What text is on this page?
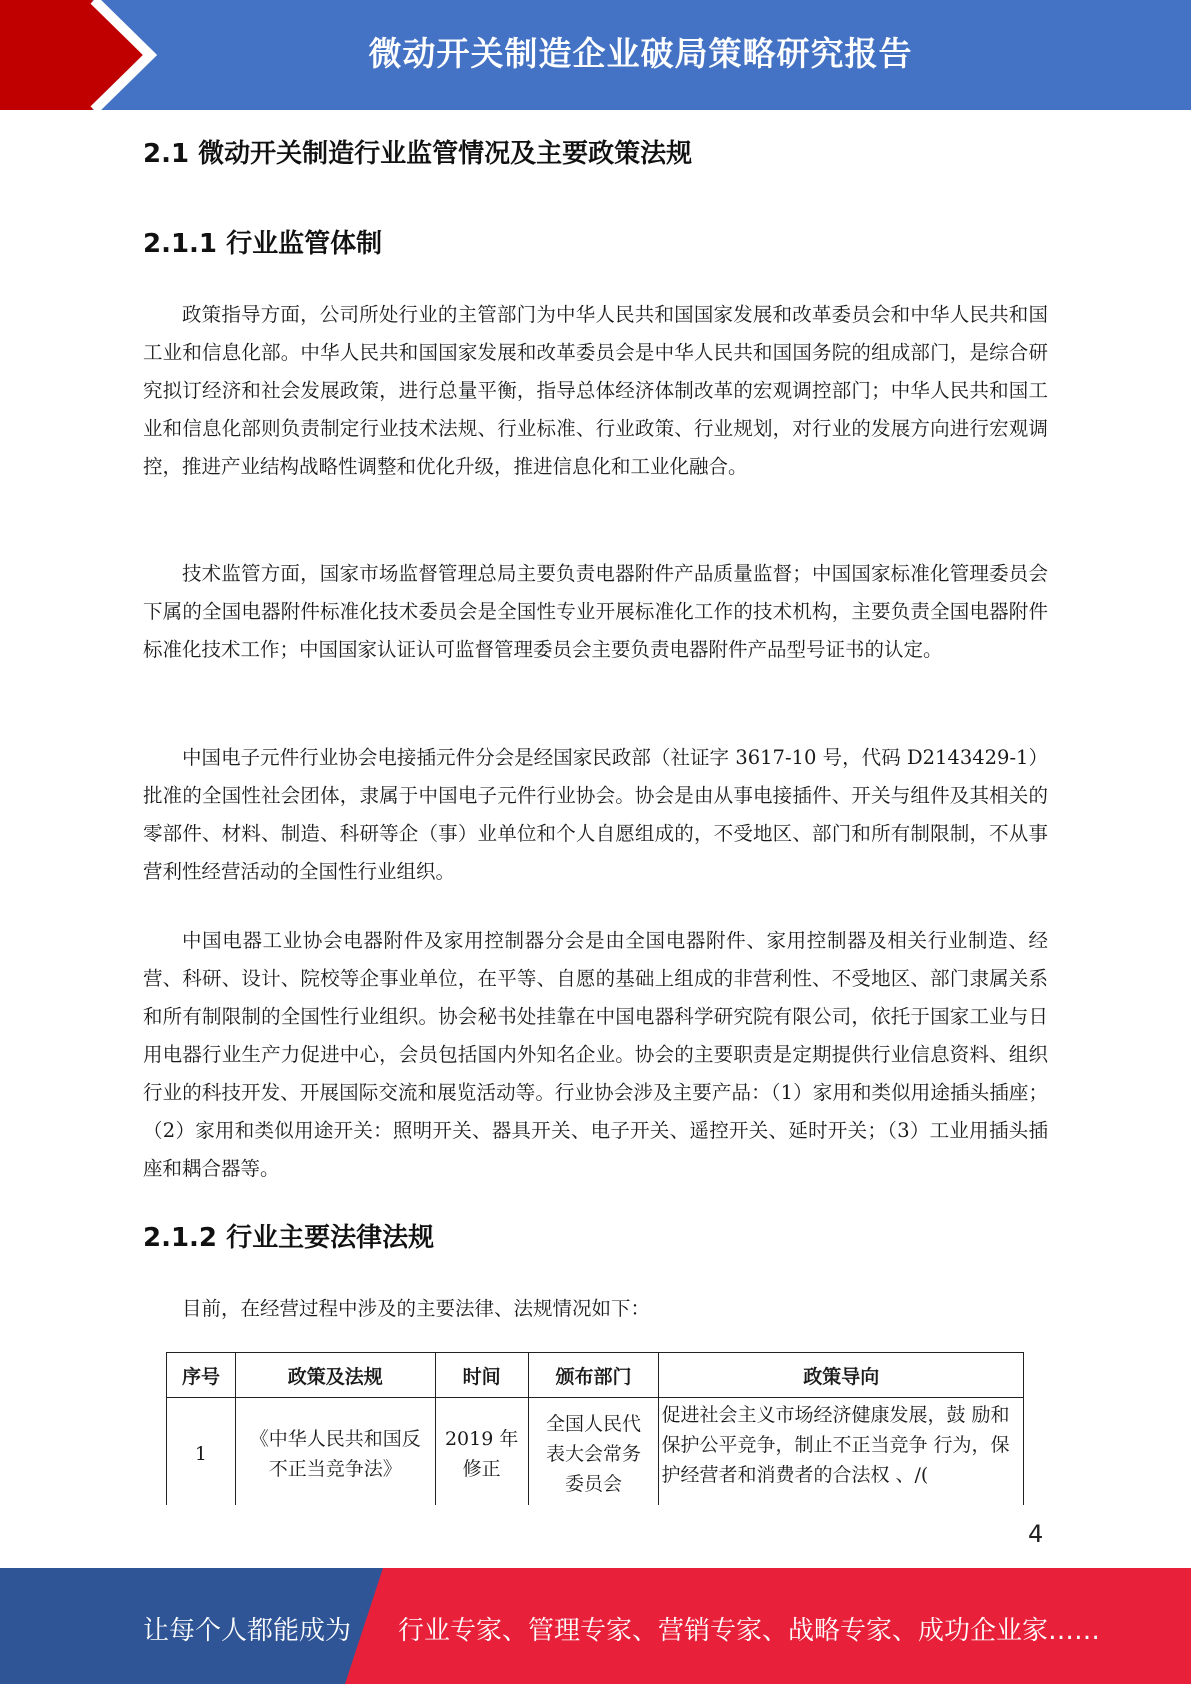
微动开关制造企业破局策略研究报告
2.1 微动开关制造行业监管情况及主要政策法规
2.1.1 行业监管体制

政策指导方面，公司所处行业的主管部门为中华人民共和国国家发展和改革委员会和中华人民共和国工业和信息化部。中华人民共和国国家发展和改革委员会是中华人民共和国国务院的组成部门，是综合研究拟订经济和社会发展政策，进行总量平衡，指导总体经济体制改革的宏观调控部门；中华人民共和国工业和信息化部则负责制定行业技术法规、行业标准、行业政策、行业规划，对行业的发展方向进行宏观调控，推进产业结构战略性调整和优化升级，推进信息化和工业化融合。

技术监管方面，国家市场监督管理总局主要负责电器附件产品质量监督；中国国家标准化管理委员会下属的全国电器附件标准化技术委员会是全国性专业开展标准化工作的技术机构，主要负责全国电器附件标准化技术工作；中国国家认证认可监督管理委员会主要负责电器附件产品型号证书的认定。

中国电子元件行业协会电接插元件分会是经国家民政部（社证字 3617-10 号，代码 D2143429-1）批准的全国性社会团体，隶属于中国电子元件行业协会。协会是由从事电接插件、开关与组件及其相关的零部件、材料、制造、科研等企（事）业单位和个人自愿组成的，不受地区、部门和所有制限制，不从事营利性经营活动的全国性行业组织。

中国电器工业协会电器附件及家用控制器分会是由全国电器附件、家用控制器及相关行业制造、经营、科研、设计、院校等企事业单位，在平等、自愿的基础上组成的非营利性、不受地区、部门隶属关系和所有制限制的全国性行业组织。协会秘书处挂靠在中国电器科学研究院有限公司，依托于国家工业与日用电器行业生产力促进中心，会员包括国内外知名企业。协会的主要职责是定期提供行业信息资料、组织行业的科技开发、开展国际交流和展览活动等。行业协会涉及主要产品：（1）家用和类似用途插头插座；（2）家用和类似用途开关：照明开关、器具开关、电子开关、遥控开关、延时开关；（3）工业用插头插座和耦合器等。

2.1.2 行业主要法律法规

目前，在经营过程中涉及的主要法律、法规情况如下：

序号	政策及法规	时间	颁布部门	政策导向
1	《中华人民共和国反不正当竞争法》	2019 年修正	全国人民代表大会常务委员会	促进社会主义市场经济健康发展，鼓 励和保护公平竞争，制止不正当竞争 行为，保护经营者和消费者的合法权 、/(
4
让每个人都能成为 行业专家、管理专家、营销专家、战略专家、成功企业家……
